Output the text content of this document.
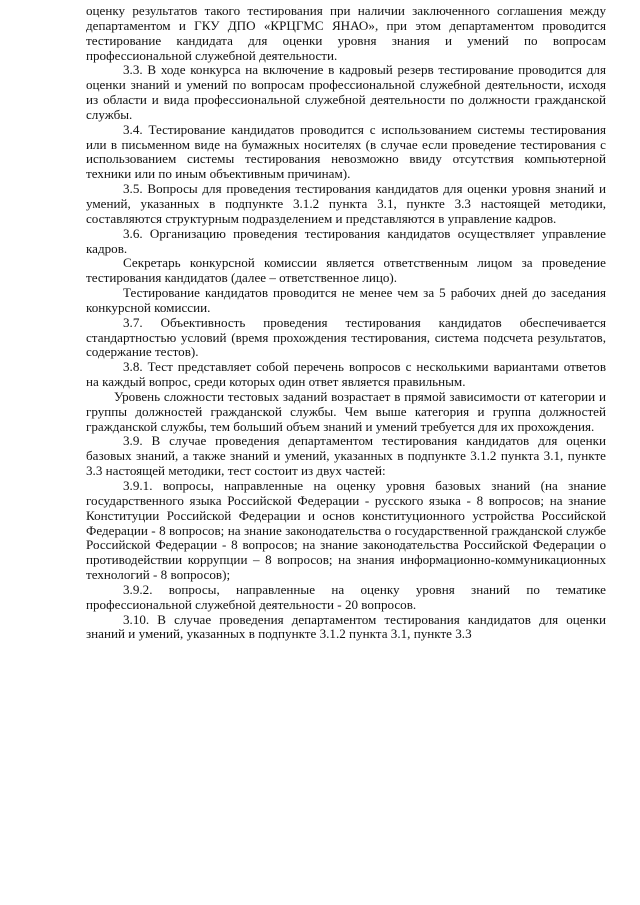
оценку результатов такого тестирования при наличии заключенного соглашения между департаментом и ГКУ ДПО «КРЦГМС ЯНАО», при этом департаментом проводится тестирование кандидата для оценки уровня знания и умений по вопросам профессиональной служебной деятельности.

3.3. В ходе конкурса на включение в кадровый резерв тестирование проводится для оценки знаний и умений по вопросам профессиональной служебной деятельности, исходя из области и вида профессиональной служебной деятельности по должности гражданской службы.

3.4. Тестирование кандидатов проводится с использованием системы тестирования или в письменном виде на бумажных носителях (в случае если проведение тестирования с использованием системы тестирования невозможно ввиду отсутствия компьютерной техники или по иным объективным причинам).

3.5. Вопросы для проведения тестирования кандидатов для оценки уровня знаний и умений, указанных в подпункте 3.1.2 пункта 3.1, пункте 3.3 настоящей методики, составляются структурным подразделением и представляются в управление кадров.

3.6. Организацию проведения тестирования кандидатов осуществляет управление кадров.

Секретарь конкурсной комиссии является ответственным лицом за проведение тестирования кандидатов (далее – ответственное лицо).

Тестирование кандидатов проводится не менее чем за 5 рабочих дней до заседания конкурсной комиссии.

3.7. Объективность проведения тестирования кандидатов обеспечивается стандартностью условий (время прохождения тестирования, система подсчета результатов, содержание тестов).

3.8. Тест представляет собой перечень вопросов с несколькими вариантами ответов на каждый вопрос, среди которых один ответ является правильным.

Уровень сложности тестовых заданий возрастает в прямой зависимости от категории и группы должностей гражданской службы. Чем выше категория и группа должностей гражданской службы, тем больший объем знаний и умений требуется для их прохождения.

3.9. В случае проведения департаментом тестирования кандидатов для оценки базовых знаний, а также знаний и умений, указанных в подпункте 3.1.2 пункта 3.1, пункте 3.3 настоящей методики, тест состоит из двух частей:

3.9.1. вопросы, направленные на оценку уровня базовых знаний (на знание государственного языка Российской Федерации - русского языка - 8 вопросов; на знание Конституции Российской Федерации и основ конституционного устройства Российской Федерации - 8 вопросов; на знание законодательства о государственной гражданской службе Российской Федерации - 8 вопросов; на знание законодательства Российской Федерации о противодействии коррупции – 8 вопросов; на знания информационно-коммуникационных технологий - 8 вопросов);

3.9.2. вопросы, направленные на оценку уровня знаний по тематике профессиональной служебной деятельности - 20 вопросов.

3.10. В случае проведения департаментом тестирования кандидатов для оценки знаний и умений, указанных в подпункте 3.1.2 пункта 3.1, пункте 3.3
